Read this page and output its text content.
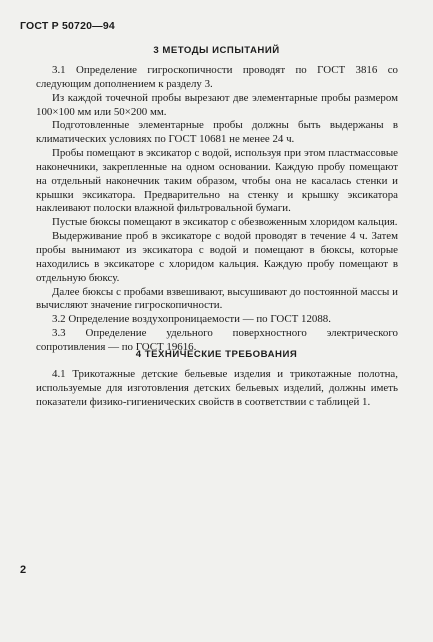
ГОСТ Р 50720—94
3 МЕТОДЫ ИСПЫТАНИЙ

3.1 Определение гигроскопичности проводят по ГОСТ 3816 со следующим дополнением к разделу 3.

Из каждой точечной пробы вырезают две элементарные пробы размером 100×100 мм или 50×200 мм.

Подготовленные элементарные пробы должны быть выдержаны в климатических условиях по ГОСТ 10681 не менее 24 ч.

Пробы помещают в эксикатор с водой, используя при этом пластмассовые наконечники, закрепленные на одном основании. Каждую пробу помещают на отдельный наконечник таким образом, чтобы она не касалась стенки и крышки эксикатора. Предварительно на стенку и крышку эксикатора наклеивают полоски влажной фильтровальной бумаги.

Пустые бюксы помещают в эксикатор с обезвоженным хлоридом кальция.

Выдерживание проб в эксикаторе с водой проводят в течение 4 ч. Затем пробы вынимают из эксикатора с водой и помещают в бюксы, которые находились в эксикаторе с хлоридом кальция. Каждую пробу помещают в отдельную бюксу.

Далее бюксы с пробами взвешивают, высушивают до постоянной массы и вычисляют значение гигроскопичности.

3.2 Определение воздухопроницаемости — по ГОСТ 12088.

3.3 Определение удельного поверхностного электрического сопротивления — по ГОСТ 19616.

4 ТЕХНИЧЕСКИЕ ТРЕБОВАНИЯ

4.1 Трикотажные детские бельевые изделия и трикотажные полотна, используемые для изготовления детских бельевых изделий, должны иметь показатели физико-гигиенических свойств в соответствии с таблицей 1.

2
